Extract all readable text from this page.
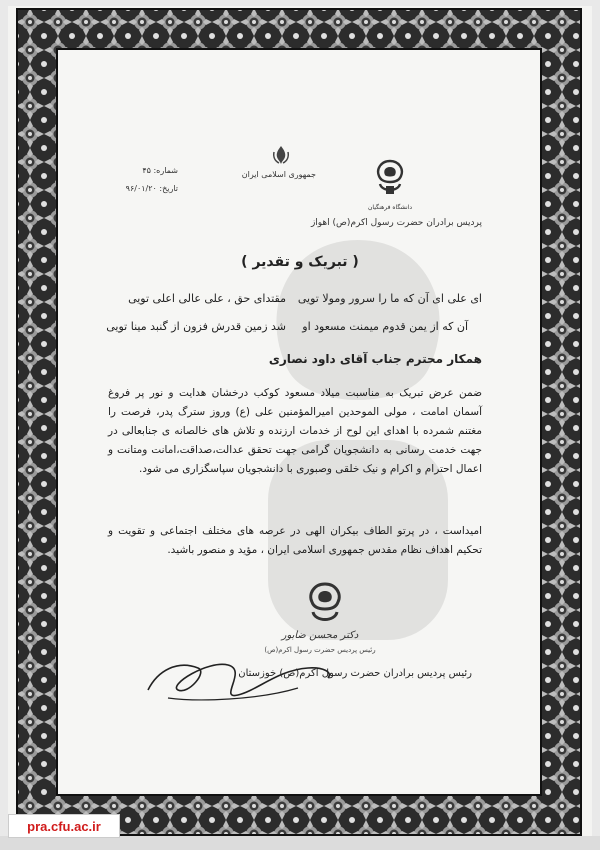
جمهوری اسلامی ایران
شماره: ۴۵
تاریخ: ۹۶/۰۱/۲۰
دانشگاه فرهنگیان
پردیس برادران حضرت رسول اکرم(ص) اهواز
( تبریک و تقدیر )
ای علی ای آن که ما را سرور ومولا تویی
مقتدای حق ، علی عالی اعلی تویی
آن که از یمن قدوم میمنت مسعود او
شد زمین قدرش فزون از گنبد مینا تویی
همکار محترم جناب آقای داود نصاری
ضمن عرض تبریک به مناسبت میلاد مسعود کوکب درخشان هدایت و نور پر فروغ آسمان امامت ، مولی الموحدین امیرالمؤمنین علی (ع) وروز سترگ پدر، فرصت را مغتنم شمرده با اهدای این لوح از خدمات ارزنده و تلاش های خالصانه ی جنابعالی در جهت خدمت رسانی به دانشجویان گرامی جهت تحقق عدالت،صداقت،امانت ومتانت و اعمال احترام و اکرام و نیک خلقی وصبوری با دانشجویان سپاسگزاری می شود.
امیداست ، در پرتو الطاف بیکران الهی در عرصه های مختلف اجتماعی و تقویت و تحکیم اهداف نظام مقدس جمهوری اسلامی ایران ، مؤید و منصور باشید.
دکتر محسن ضابور
رئیس پردیس حضرت رسول اکرم(ص)
رئیس پردیس برادران حضرت رسول اکرم(ص) خوزستان
pra.cfu.ac.ir
